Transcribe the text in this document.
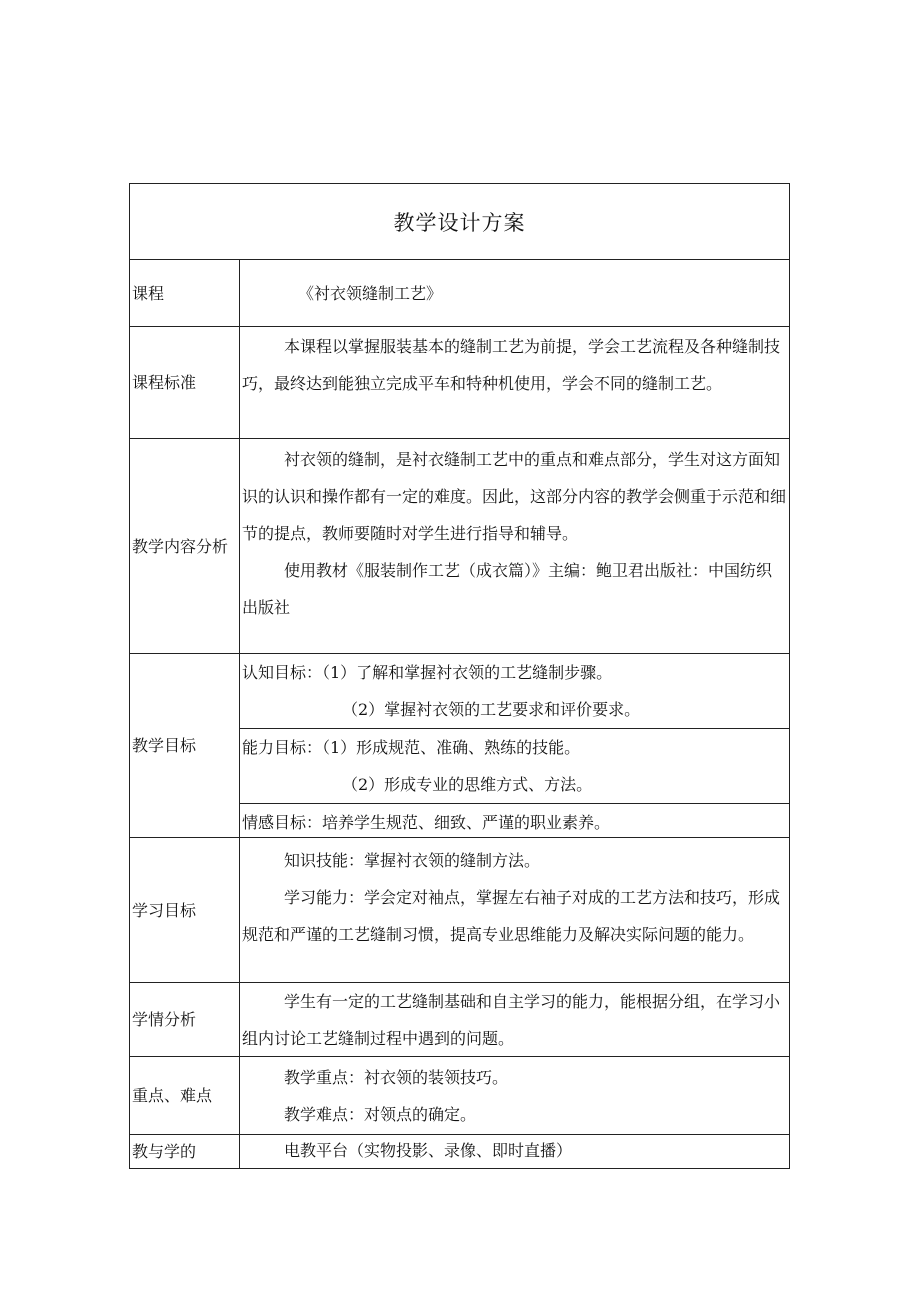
教学设计方案
课程	《衬衣领缝制工艺》
课程标准
本课程以掌握服装基本的缝制工艺为前提，学会工艺流程及各种缝制技巧，最终达到能独立完成平车和特种机使用，学会不同的缝制工艺。
教学内容分析
衬衣领的缝制，是衬衣缝制工艺中的重点和难点部分，学生对这方面知识的认识和操作都有一定的难度。因此，这部分内容的教学会侧重于示范和细节的提点，教师要随时对学生进行指导和辅导。
使用教材《服装制作工艺（成衣篇）》主编：鲍卫君出版社：中国纺织出版社
教学目标
认知目标：（1）了解和掌握衬衣领的工艺缝制步骤。
（2）掌握衬衣领的工艺要求和评价要求。
能力目标：（1）形成规范、准确、熟练的技能。
（2）形成专业的思维方式、方法。
情感目标：培养学生规范、细致、严谨的职业素养。
学习目标
知识技能：掌握衬衣领的缝制方法。
学习能力：学会定对袖点，掌握左右袖子对成的工艺方法和技巧，形成规范和严谨的工艺缝制习惯，提高专业思维能力及解决实际问题的能力。
学情分析
学生有一定的工艺缝制基础和自主学习的能力，能根据分组，在学习小组内讨论工艺缝制过程中遇到的问题。
重点、难点
教学重点：衬衣领的装领技巧。
教学难点：对领点的确定。
教与学的	电教平台（实物投影、录像、即时直播）
